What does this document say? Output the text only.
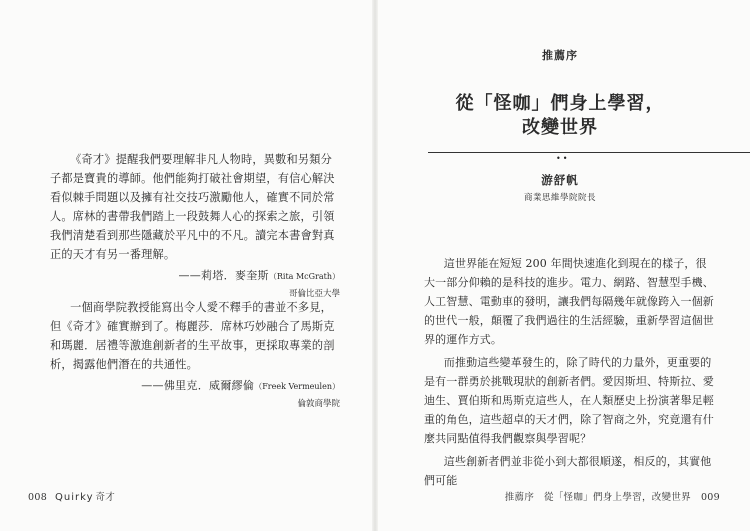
《奇才》提醒我們要理解非凡人物時，異數和另類分子都是寶貴的導師。他們能夠打破社會期望，有信心解決看似棘手問題以及擁有社交技巧激勵他人，確實不同於常人。席林的書帶我們踏上一段鼓舞人心的探索之旅，引領我們清楚看到那些隱藏於平凡中的不凡。讀完本書會對真正的天才有另一番理解。

——莉塔．麥奎斯（Rita McGrath）

哥倫比亞大學

一個商學院教授能寫出令人愛不釋手的書並不多見，但《奇才》確實辦到了。梅麗莎．席林巧妙融合了馬斯克和瑪麗．居禮等激進創新者的生平故事，更採取專業的剖析，揭露他們潛在的共通性。

——佛里克．威爾繆倫（Freek Vermeulen）

倫敦商學院

008 Quirky 奇才
推薦序
從「怪咖」們身上學習，
改變世界
••
游舒帆
商業思維學院院長

這世界能在短短 200 年間快速進化到現在的樣子，很大一部分仰賴的是科技的進步。電力、網路、智慧型手機、人工智慧、電動車的發明，讓我們每隔幾年就像跨入一個新的世代一般，顛覆了我們過往的生活經驗，重新學習這個世界的運作方式。

而推動這些變革發生的，除了時代的力量外，更重要的是有一群勇於挑戰現狀的創新者們。愛因斯坦、特斯拉、愛迪生、賈伯斯和馬斯克這些人，在人類歷史上扮演著舉足輕重的角色，這些超卓的天才們，除了智商之外，究竟還有什麼共同點值得我們觀察與學習呢？

這些創新者們並非從小到大都很順遂，相反的，其實他們可能

推薦序　從「怪咖」們身上學習，改變世界 009
